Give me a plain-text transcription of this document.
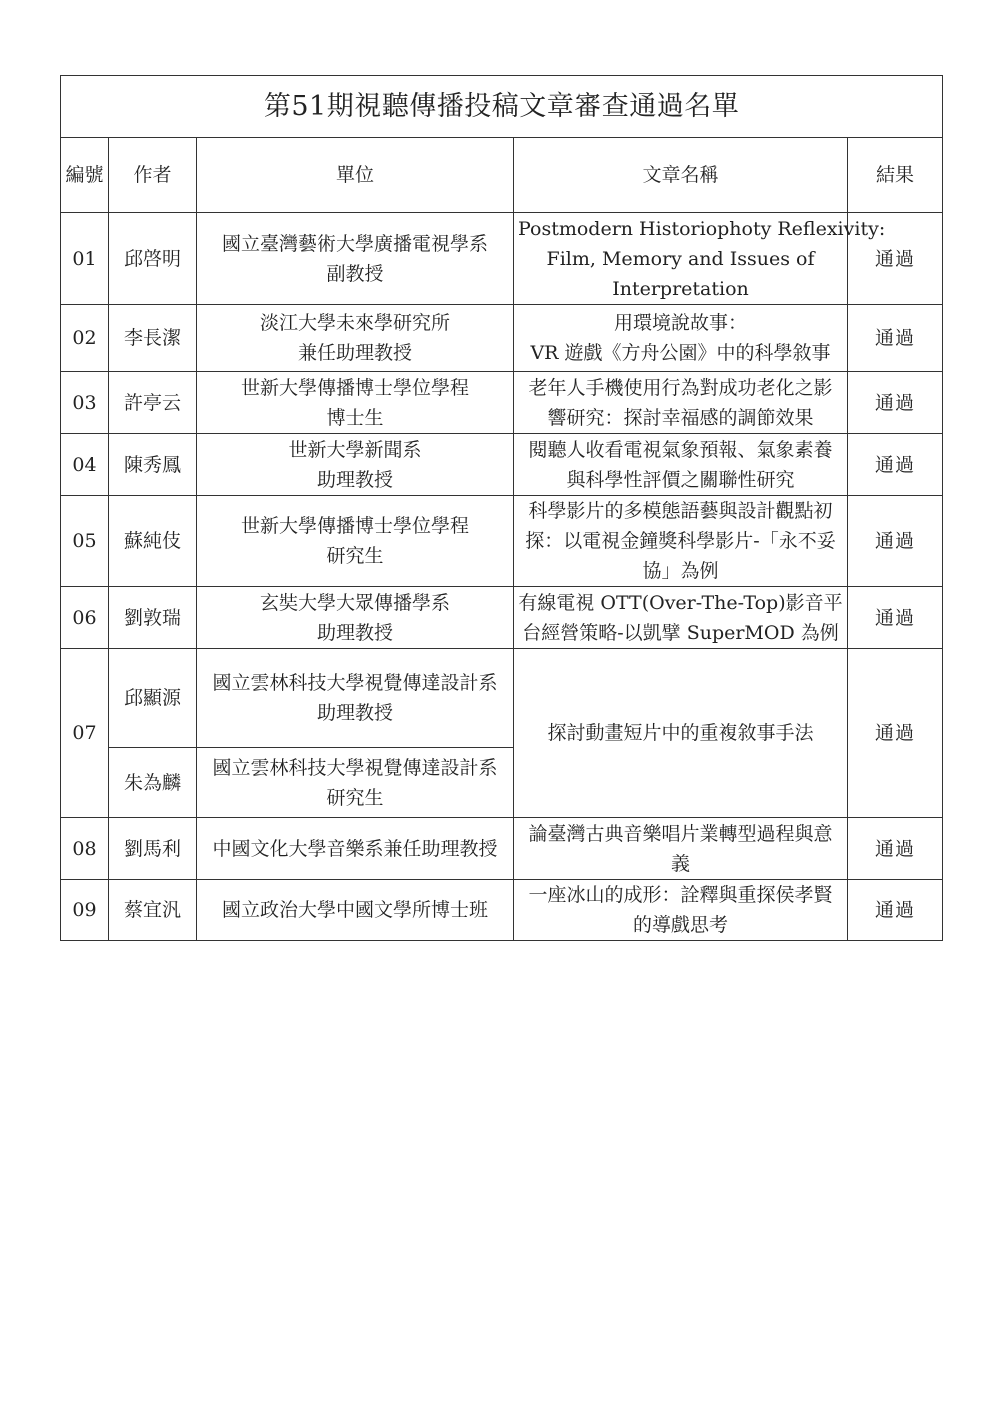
第51期視聽傳播投稿文章審查通過名單				
編號	作者	單位	文章名稱	結果
01	邱啓明	國立臺灣藝術大學廣播電視學系
副教授	Postmodern Historiophoty Reflexivity:
Film, Memory and Issues of
Interpretation	通過
02	李長潔	淡江大學未來學研究所
兼任助理教授	用環境說故事：
VR 遊戲《方舟公園》中的科學敘事	通過
03	許亭云	世新大學傳播博士學位學程
博士生	老年人手機使用行為對成功老化之影
響研究：探討幸福感的調節效果	通過
04	陳秀鳳	世新大學新聞系
助理教授	閱聽人收看電視氣象預報、氣象素養
與科學性評價之關聯性研究	通過
05	蘇純伎	世新大學傳播博士學位學程
研究生	科學影片的多模態語藝與設計觀點初
探：以電視金鐘獎科學影片-「永不妥
協」為例	通過
06	劉敦瑞	玄奘大學大眾傳播學系
助理教授	有線電視 OTT(Over-The-Top)影音平
台經營策略-以凱擘 SuperMOD 為例	通過
07	邱顯源	國立雲林科技大學視覺傳達設計系
助理教授	探討動畫短片中的重複敘事手法	通過
	朱為麟	國立雲林科技大學視覺傳達設計系
研究生		

08	劉馬利	中國文化大學音樂系兼任助理教授	論臺灣古典音樂唱片業轉型過程與意
義	通過
09	蔡宜汎	國立政治大學中國文學所博士班	一座冰山的成形：詮釋與重探侯孝賢
的導戲思考	通過
